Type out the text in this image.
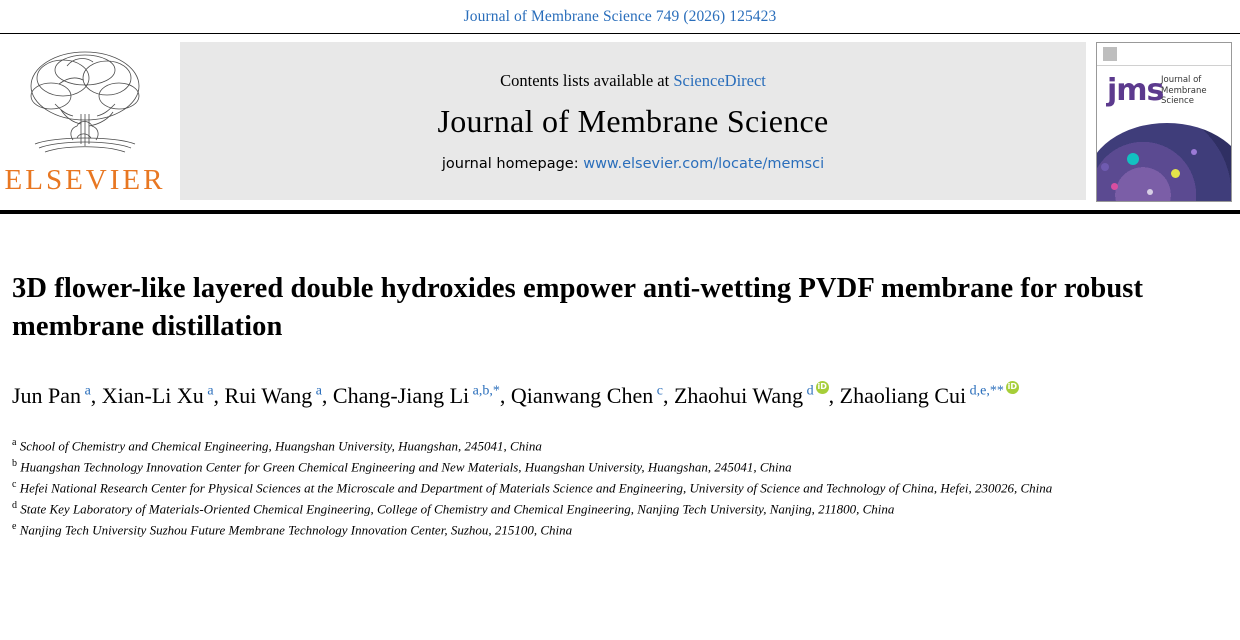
Journal of Membrane Science 749 (2026) 125423
ELSEVIER
Contents lists available at ScienceDirect
Journal of Membrane Science
journal homepage: www.elsevier.com/locate/memsci
jms
Journal of Membrane Science
3D flower-like layered double hydroxides empower anti-wetting PVDF membrane for robust membrane distillation
Jun Pan $^a$, Xian-Li Xu $^a$, Rui Wang $^a$, Chang-Jiang Li $^{a,b,*}$, Qianwang Chen $^c$, Zhaohui Wang $^d$ iD , Zhaoliang Cui $^{d,e,**}$iD
$^a$ School of Chemistry and Chemical Engineering, Huangshan University, Huangshan, 245041, China
$^b$ Huangshan Technology Innovation Center for Green Chemical Engineering and New Materials, Huangshan University, Huangshan, 245041, China
$^c$ Hefei National Research Center for Physical Sciences at the Microscale and Department of Materials Science and Engineering, University of Science and Technology of China, Hefei, 230026, China
$^d$ State Key Laboratory of Materials-Oriented Chemical Engineering, College of Chemistry and Chemical Engineering, Nanjing Tech University, Nanjing, 211800, China
$^e$ Nanjing Tech University Suzhou Future Membrane Technology Innovation Center, Suzhou, 215100, China
